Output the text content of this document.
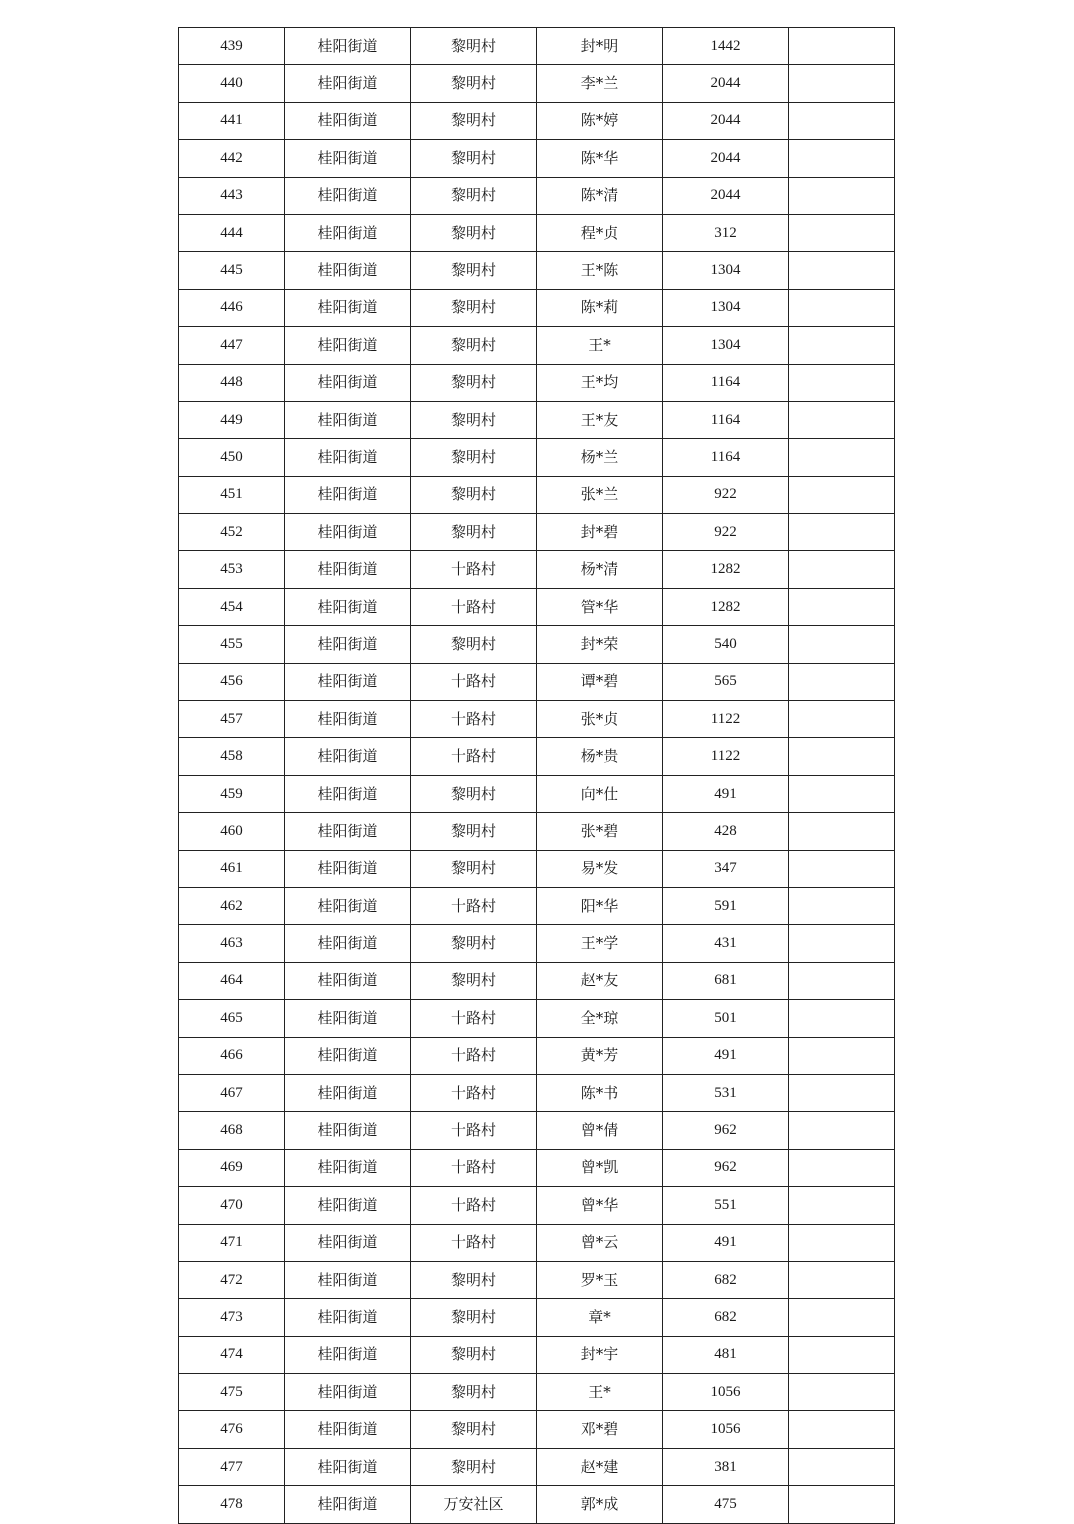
439	桂阳街道	黎明村	封*明	1442	
440	桂阳街道	黎明村	李*兰	2044	
441	桂阳街道	黎明村	陈*婷	2044	
442	桂阳街道	黎明村	陈*华	2044	
443	桂阳街道	黎明村	陈*清	2044	
444	桂阳街道	黎明村	程*贞	312	
445	桂阳街道	黎明村	王*陈	1304	
446	桂阳街道	黎明村	陈*莉	1304	
447	桂阳街道	黎明村	王*	1304	
448	桂阳街道	黎明村	王*均	1164	
449	桂阳街道	黎明村	王*友	1164	
450	桂阳街道	黎明村	杨*兰	1164	
451	桂阳街道	黎明村	张*兰	922	
452	桂阳街道	黎明村	封*碧	922	
453	桂阳街道	十路村	杨*清	1282	
454	桂阳街道	十路村	管*华	1282	
455	桂阳街道	黎明村	封*荣	540	
456	桂阳街道	十路村	谭*碧	565	
457	桂阳街道	十路村	张*贞	1122	
458	桂阳街道	十路村	杨*贵	1122	
459	桂阳街道	黎明村	向*仕	491	
460	桂阳街道	黎明村	张*碧	428	
461	桂阳街道	黎明村	易*发	347	
462	桂阳街道	十路村	阳*华	591	
463	桂阳街道	黎明村	王*学	431	
464	桂阳街道	黎明村	赵*友	681	
465	桂阳街道	十路村	全*琼	501	
466	桂阳街道	十路村	黄*芳	491	
467	桂阳街道	十路村	陈*书	531	
468	桂阳街道	十路村	曾*倩	962	
469	桂阳街道	十路村	曾*凯	962	
470	桂阳街道	十路村	曾*华	551	
471	桂阳街道	十路村	曾*云	491	
472	桂阳街道	黎明村	罗*玉	682	
473	桂阳街道	黎明村	章*	682	
474	桂阳街道	黎明村	封*宇	481	
475	桂阳街道	黎明村	王*	1056	
476	桂阳街道	黎明村	邓*碧	1056	
477	桂阳街道	黎明村	赵*建	381	
478	桂阳街道	万安社区	郭*成	475	
